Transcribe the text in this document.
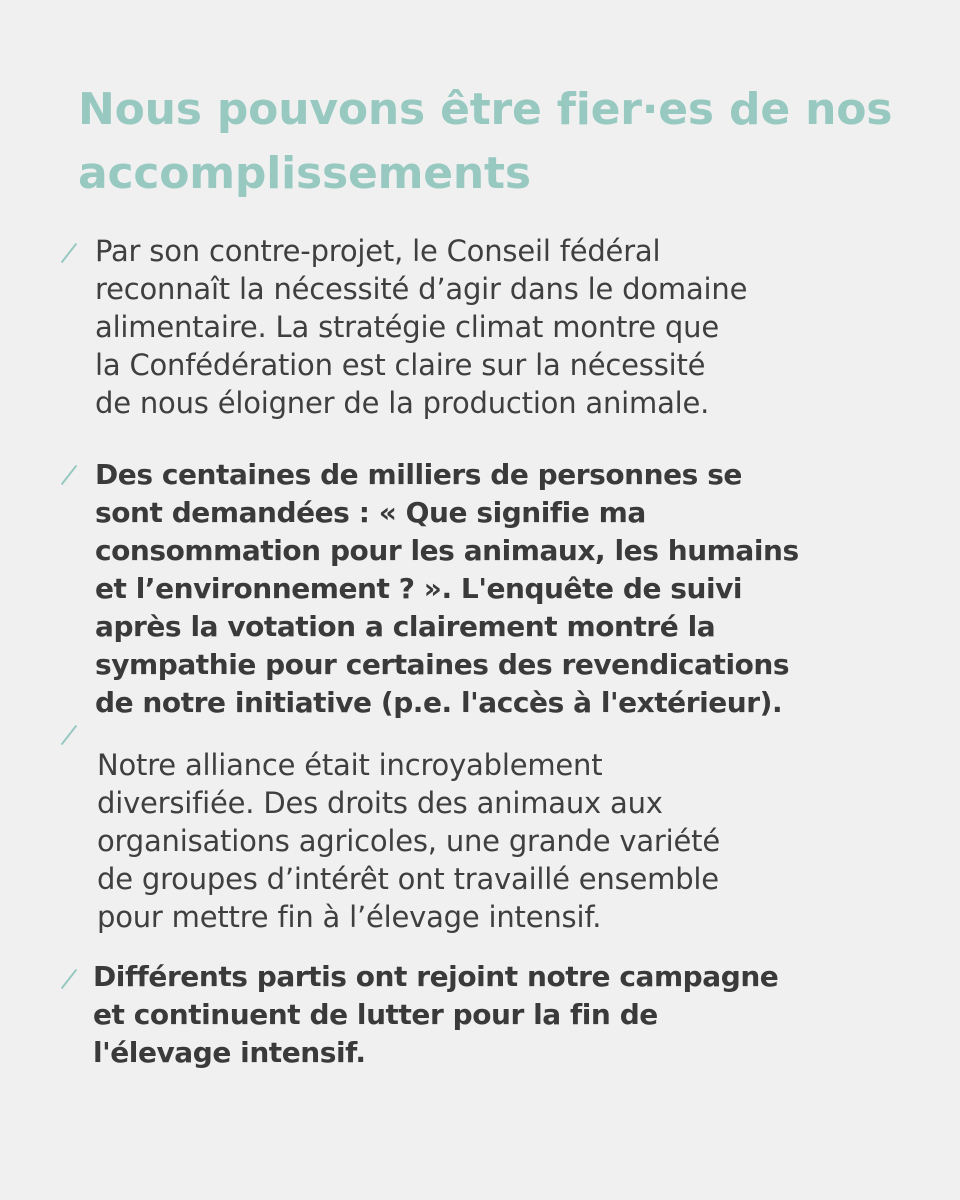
Nous pouvons être fier·es de nos accomplissements

Par son contre-projet, le Conseil fédéral
reconnaît la nécessité d’agir dans le domaine
alimentaire. La stratégie climat montre que
la Confédération est claire sur la nécessité
de nous éloigner de la production animale.

Des centaines de milliers de personnes se
sont demandées : « Que signifie ma
consommation pour les animaux, les humains
et l’environnement ? ». L'enquête de suivi
après la votation a clairement montré la
sympathie pour certaines des revendications
de notre initiative (p.e. l'accès à l'extérieur).

Notre alliance était incroyablement
diversifiée. Des droits des animaux aux
organisations agricoles, une grande variété
de groupes d’intérêt ont travaillé ensemble
pour mettre fin à l’élevage intensif.

Différents partis ont rejoint notre campagne
et continuent de lutter pour la fin de
l'élevage intensif.
